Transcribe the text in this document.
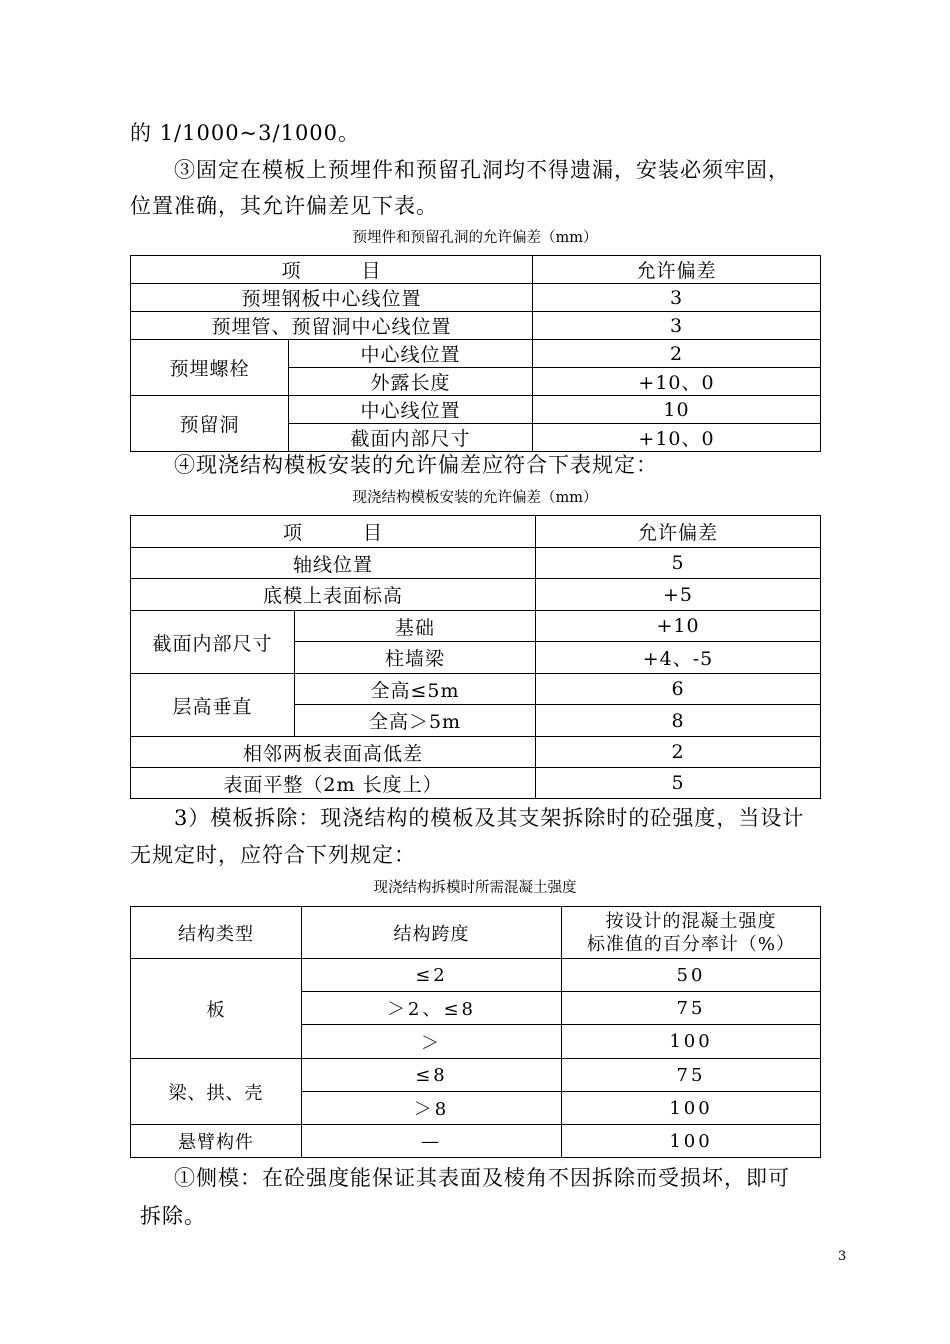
的 1/1000~3/1000。
③固定在模板上预埋件和预留孔洞均不得遗漏，安装必须牢固，
位置准确，其允许偏差见下表。
预埋件和预留孔洞的允许偏差（mm）
项　　　目		允许偏差
预埋钢板中心线位置		3
预埋管、预留洞中心线位置		3
预埋螺栓	中心线位置	2
	外露长度	+10、0
预留洞	中心线位置	10
	截面内部尺寸	+10、0
④现浇结构模板安装的允许偏差应符合下表规定：
现浇结构模板安装的允许偏差（mm）
项　　　目		允许偏差
轴线位置		5
底模上表面标高		+5
截面内部尺寸	基础	+10
	柱墙梁	+4、-5
层高垂直	全高≤5m	6
	全高＞5m	8
相邻两板表面高低差		2
表面平整（2m 长度上）		5
3）模板拆除：现浇结构的模板及其支架拆除时的砼强度，当设计
无规定时，应符合下列规定：
现浇结构拆模时所需混凝土强度
结构类型	结构跨度	按设计的混凝土强度
标准值的百分率计（%）

板	≤2	50
	＞2、≤8	75
	＞	100
梁、拱、壳	≤8	75
	＞8	100
悬臂构件	—	100
①侧模：在砼强度能保证其表面及棱角不因拆除而受损坏，即可
拆除。
3
